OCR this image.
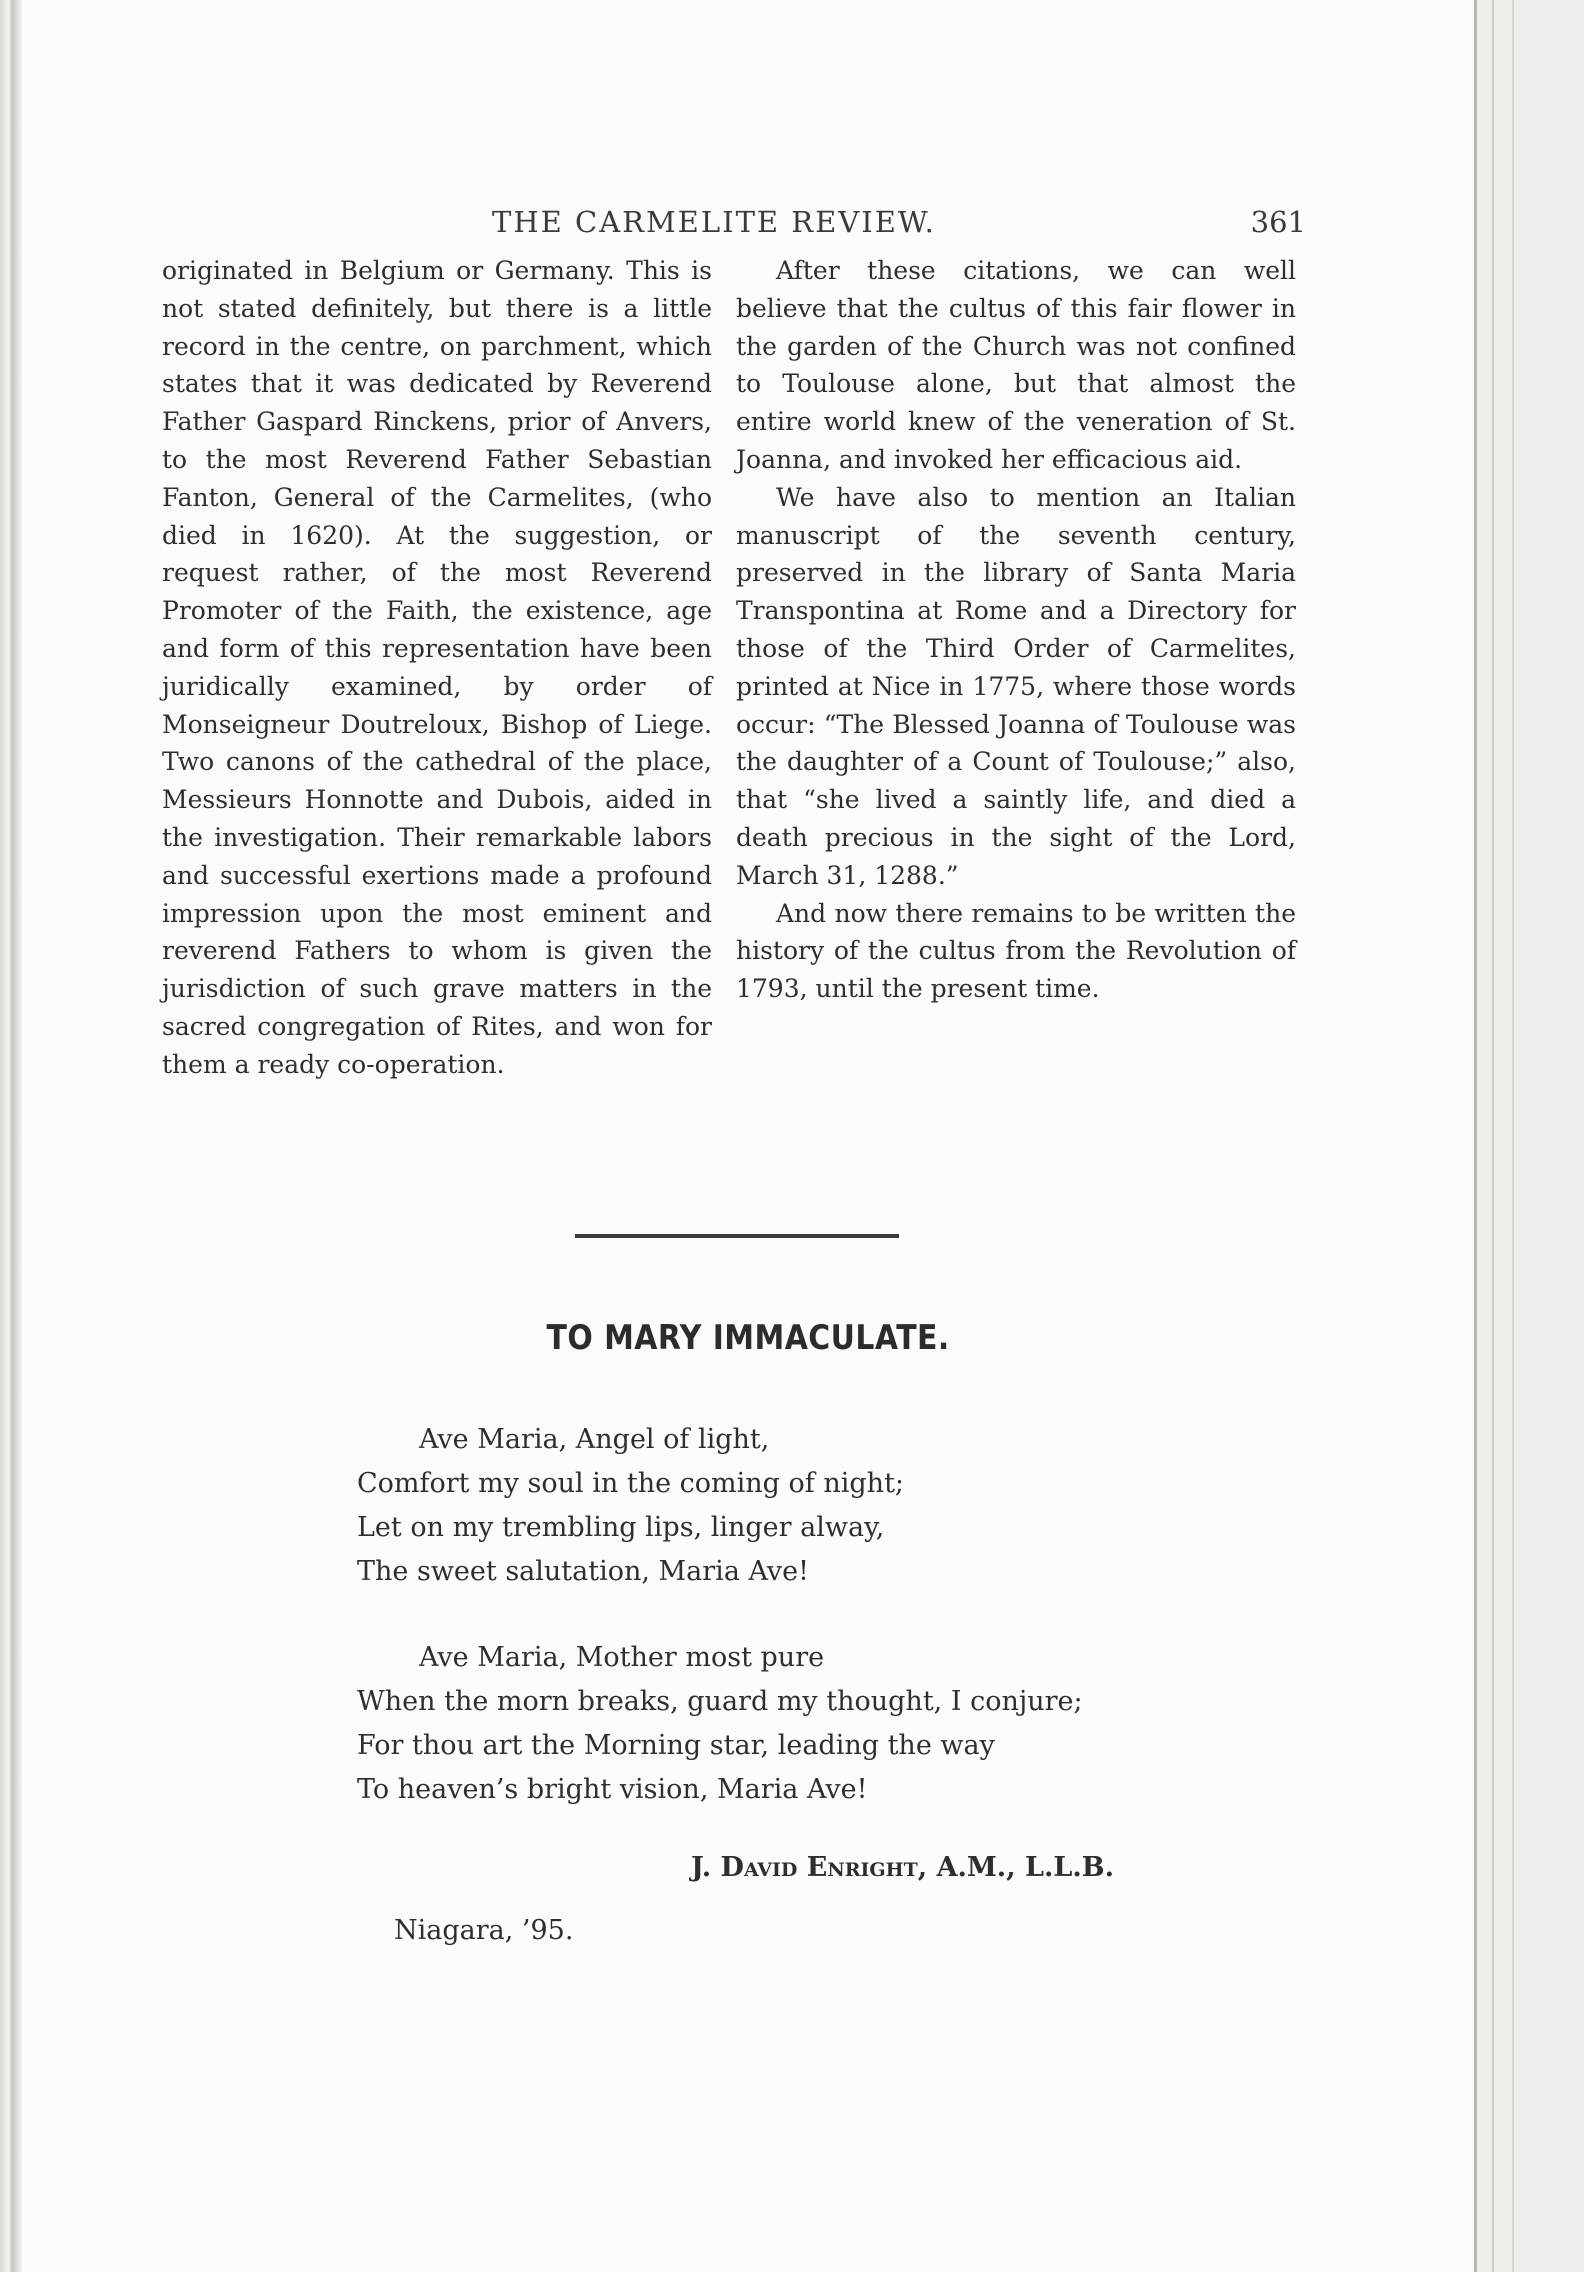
THE CARMELITE REVIEW.	361

originated in Belgium or Germany. This is not stated definitely, but there is a little record in the centre, on parchment, which states that it was dedicated by Reverend Father Gaspard Rinckens, prior of Anvers, to the most Reverend Father Sebastian Fanton, General of the Carmelites, (who died in 1620). At the suggestion, or request rather, of the most Reverend Promoter of the Faith, the existence, age and form of this representation have been juridically examined, by order of Monseigneur Doutreloux, Bishop of Liege. Two canons of the cathedral of the place, Messieurs Honnotte and Dubois, aided in the investigation. Their remarkable labors and successful exertions made a profound impression upon the most eminent and reverend Fathers to whom is given the jurisdiction of such grave matters in the sacred congregation of Rites, and won for them a ready co-operation.

After these citations, we can well believe that the cultus of this fair flower in the garden of the Church was not confined to Toulouse alone, but that almost the entire world knew of the veneration of St. Joanna, and invoked her efficacious aid.

We have also to mention an Italian manuscript of the seventh century, preserved in the library of Santa Maria Transpontina at Rome and a Directory for those of the Third Order of Carmelites, printed at Nice in 1775, where those words occur: “The Blessed Joanna of Toulouse was the daughter of a Count of Toulouse;” also, that “she lived a saintly life, and died a death precious in the sight of the Lord, March 31, 1288.”

And now there remains to be written the history of the cultus from the Revolution of 1793, until the present time.

TO MARY IMMACULATE.
Ave Maria, Angel of light,
Comfort my soul in the coming of night;
Let on my trembling lips, linger alway,
The sweet salutation, Maria Ave!
Ave Maria, Mother most pure
When the morn breaks, guard my thought, I conjure;
For thou art the Morning star, leading the way
To heaven’s bright vision, Maria Ave!
J. David Enright, A.M., L.L.B.
Niagara, ’95.
